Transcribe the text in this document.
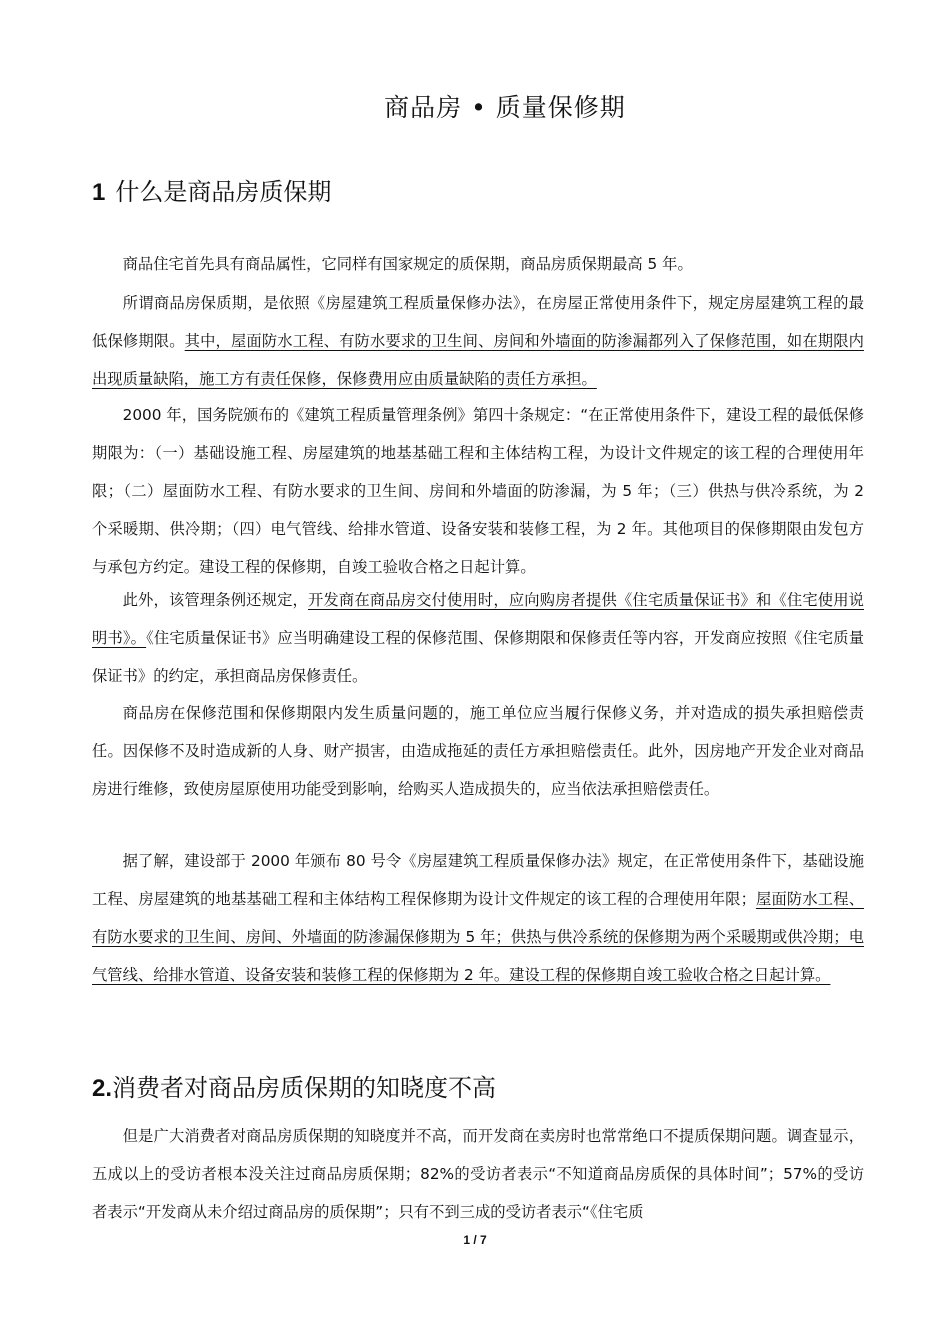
商品房 • 质量保修期
1 什么是商品房质保期

商品住宅首先具有商品属性，它同样有国家规定的质保期，商品房质保期最高 5 年。

所谓商品房保质期，是依照《房屋建筑工程质量保修办法》，在房屋正常使用条件下，规定房屋建筑工程的最低保修期限。其中，屋面防水工程、有防水要求的卫生间、房间和外墙面的防渗漏都列入了保修范围，如在期限内出现质量缺陷，施工方有责任保修，保修费用应由质量缺陷的责任方承担。

2000 年，国务院颁布的《建筑工程质量管理条例》第四十条规定：“在正常使用条件下，建设工程的最低保修期限为：（一）基础设施工程、房屋建筑的地基基础工程和主体结构工程，为设计文件规定的该工程的合理使用年限；（二）屋面防水工程、有防水要求的卫生间、房间和外墙面的防渗漏，为 5 年；（三）供热与供冷系统，为 2 个采暖期、供冷期；（四）电气管线、给排水管道、设备安装和装修工程，为 2 年。其他项目的保修期限由发包方与承包方约定。建设工程的保修期，自竣工验收合格之日起计算。

此外，该管理条例还规定，开发商在商品房交付使用时，应向购房者提供《住宅质量保证书》和《住宅使用说明书》。《住宅质量保证书》应当明确建设工程的保修范围、保修期限和保修责任等内容，开发商应按照《住宅质量保证书》的约定，承担商品房保修责任。

商品房在保修范围和保修期限内发生质量问题的，施工单位应当履行保修义务，并对造成的损失承担赔偿责任。因保修不及时造成新的人身、财产损害，由造成拖延的责任方承担赔偿责任。此外，因房地产开发企业对商品房进行维修，致使房屋原使用功能受到影响，给购买人造成损失的，应当依法承担赔偿责任。

据了解，建设部于 2000 年颁布 80 号令《房屋建筑工程质量保修办法》规定，在正常使用条件下，基础设施工程、房屋建筑的地基基础工程和主体结构工程保修期为设计文件规定的该工程的合理使用年限；屋面防水工程、有防水要求的卫生间、房间、外墙面的防渗漏保修期为 5 年；供热与供冷系统的保修期为两个采暖期或供冷期；电气管线、给排水管道、设备安装和装修工程的保修期为 2 年。建设工程的保修期自竣工验收合格之日起计算。

2.消费者对商品房质保期的知晓度不高

但是广大消费者对商品房质保期的知晓度并不高，而开发商在卖房时也常常绝口不提质保期问题。调查显示，五成以上的受访者根本没关注过商品房质保期；82%的受访者表示“不知道商品房质保的具体时间”；57%的受访者表示“开发商从未介绍过商品房的质保期”；只有不到三成的受访者表示“《住宅质

1 / 7
